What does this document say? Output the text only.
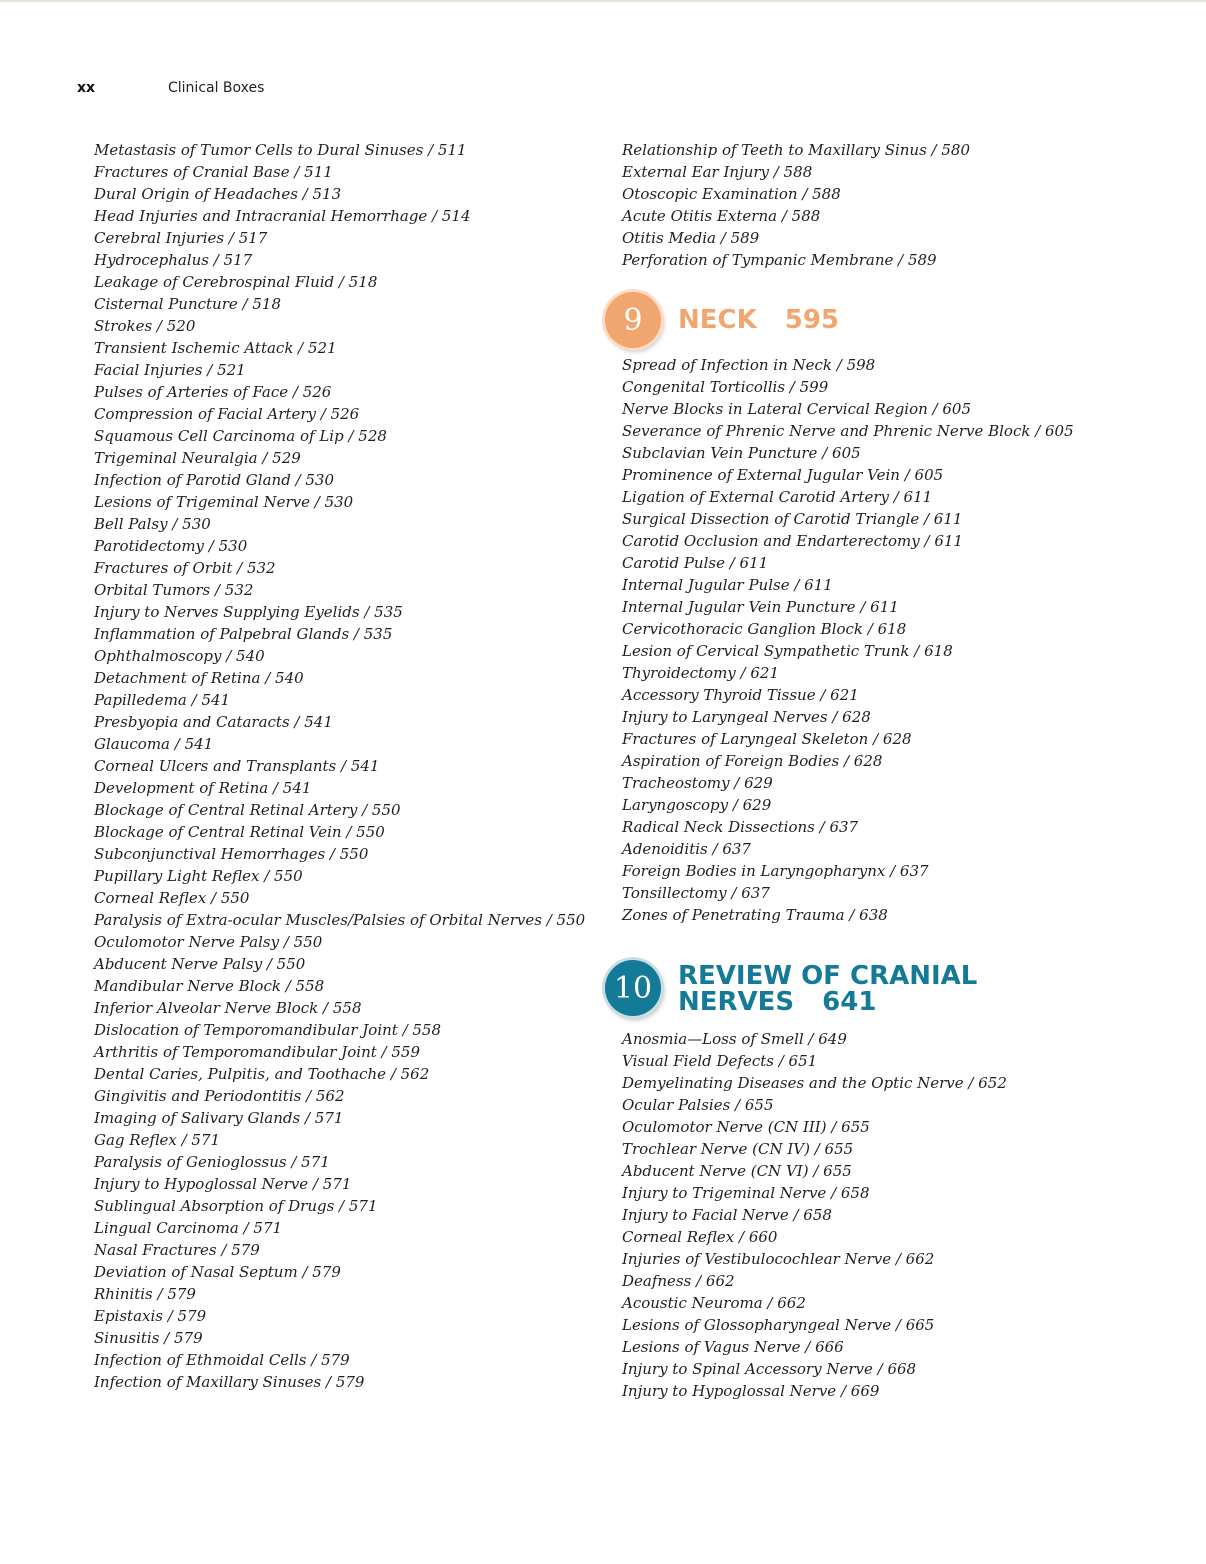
xx	Clinical Boxes
Metastasis of Tumor Cells to Dural Sinuses / 511
Fractures of Cranial Base / 511
Dural Origin of Headaches / 513
Head Injuries and Intracranial Hemorrhage / 514
Cerebral Injuries / 517
Hydrocephalus / 517
Leakage of Cerebrospinal Fluid / 518
Cisternal Puncture / 518
Strokes / 520
Transient Ischemic Attack / 521
Facial Injuries / 521
Pulses of Arteries of Face / 526
Compression of Facial Artery / 526
Squamous Cell Carcinoma of Lip / 528
Trigeminal Neuralgia / 529
Infection of Parotid Gland / 530
Lesions of Trigeminal Nerve / 530
Bell Palsy / 530
Parotidectomy / 530
Fractures of Orbit / 532
Orbital Tumors / 532
Injury to Nerves Supplying Eyelids / 535
Inflammation of Palpebral Glands / 535
Ophthalmoscopy / 540
Detachment of Retina / 540
Papilledema / 541
Presbyopia and Cataracts / 541
Glaucoma / 541
Corneal Ulcers and Transplants / 541
Development of Retina / 541
Blockage of Central Retinal Artery / 550
Blockage of Central Retinal Vein / 550
Subconjunctival Hemorrhages / 550
Pupillary Light Reflex / 550
Corneal Reflex / 550
Paralysis of Extra-ocular Muscles/Palsies of Orbital Nerves / 550
Oculomotor Nerve Palsy / 550
Abducent Nerve Palsy / 550
Mandibular Nerve Block / 558
Inferior Alveolar Nerve Block / 558
Dislocation of Temporomandibular Joint / 558
Arthritis of Temporomandibular Joint / 559
Dental Caries, Pulpitis, and Toothache / 562
Gingivitis and Periodontitis / 562
Imaging of Salivary Glands / 571
Gag Reflex / 571
Paralysis of Genioglossus / 571
Injury to Hypoglossal Nerve / 571
Sublingual Absorption of Drugs / 571
Lingual Carcinoma / 571
Nasal Fractures / 579
Deviation of Nasal Septum / 579
Rhinitis / 579
Epistaxis / 579
Sinusitis / 579
Infection of Ethmoidal Cells / 579
Infection of Maxillary Sinuses / 579
Relationship of Teeth to Maxillary Sinus / 580
External Ear Injury / 588
Otoscopic Examination / 588
Acute Otitis Externa / 588
Otitis Media / 589
Perforation of Tympanic Membrane / 589
9	NECK 595
Spread of Infection in Neck / 598
Congenital Torticollis / 599
Nerve Blocks in Lateral Cervical Region / 605
Severance of Phrenic Nerve and Phrenic Nerve Block / 605
Subclavian Vein Puncture / 605
Prominence of External Jugular Vein / 605
Ligation of External Carotid Artery / 611
Surgical Dissection of Carotid Triangle / 611
Carotid Occlusion and Endarterectomy / 611
Carotid Pulse / 611
Internal Jugular Pulse / 611
Internal Jugular Vein Puncture / 611
Cervicothoracic Ganglion Block / 618
Lesion of Cervical Sympathetic Trunk / 618
Thyroidectomy / 621
Accessory Thyroid Tissue / 621
Injury to Laryngeal Nerves / 628
Fractures of Laryngeal Skeleton / 628
Aspiration of Foreign Bodies / 628
Tracheostomy / 629
Laryngoscopy / 629
Radical Neck Dissections / 637
Adenoiditis / 637
Foreign Bodies in Laryngopharynx / 637
Tonsillectomy / 637
Zones of Penetrating Trauma / 638
10 REVIEW OF CRANIAL
NERVES 641
Anosmia—Loss of Smell / 649
Visual Field Defects / 651
Demyelinating Diseases and the Optic Nerve / 652
Ocular Palsies / 655
Oculomotor Nerve (CN III) / 655
Trochlear Nerve (CN IV) / 655
Abducent Nerve (CN VI) / 655
Injury to Trigeminal Nerve / 658
Injury to Facial Nerve / 658
Corneal Reflex / 660
Injuries of Vestibulocochlear Nerve / 662
Deafness / 662
Acoustic Neuroma / 662
Lesions of Glossopharyngeal Nerve / 665
Lesions of Vagus Nerve / 666
Injury to Spinal Accessory Nerve / 668
Injury to Hypoglossal Nerve / 669
